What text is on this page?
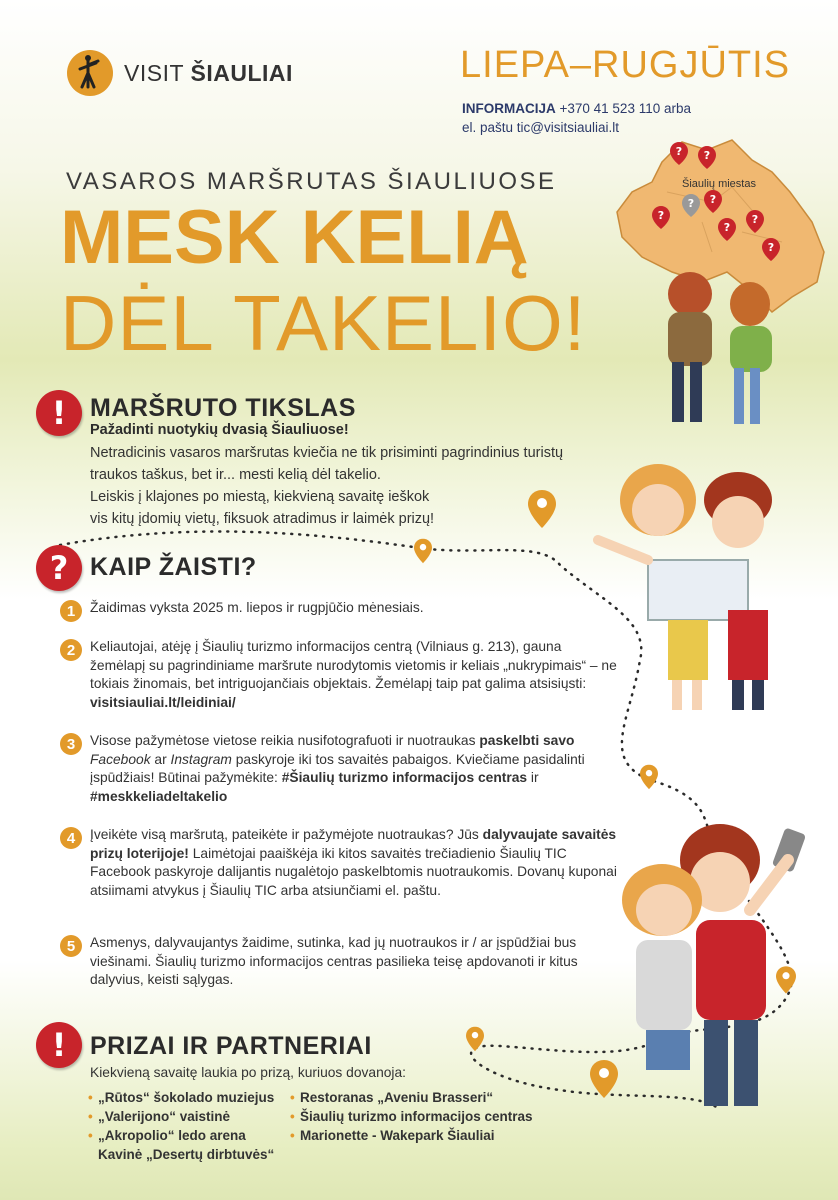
VISIT ŠIAULIAI	LIEPA–RUGJŪTIS
INFORMACIJA +370 41 523 110 arba
el. paštu tic@visitsiauliai.lt
VASAROS MARŠRUTAS ŠIAULIUOSE
MESK KELIĄ
DĖL TAKELIO!
? ?
? ?
?
?
?
?
Šiaulių miestas
! MARŠRUTO TIKSLAS
Pažadinti nuotykių dvasią Šiauliuose!
Netradicinis vasaros maršrutas kviečia ne tik prisiminti pagrindinius turistų
traukos taškus, bet ir... mesti kelią dėl takelio.
Leiskis į klajones po miestą, kiekvieną savaitę ieškok
vis kitų įdomių vietų, fiksuok atradimus ir laimėk prizų!
? KAIP ŽAISTI?
1	Žaidimas vyksta 2025 m. liepos ir rugpjūčio mėnesiais.
2	Keliautojai, atėję į Šiaulių turizmo informacijos centrą (Vilniaus g. 213), gauna žemėlapį su pagrindiniame maršrute nurodytomis vietomis ir keliais „nukrypimais“ – ne tokiais žinomais, bet intriguojančiais objektais. Žemėlapį taip pat galima atsisiųsti: visitsiauliai.lt/leidiniai/
3	Visose pažymėtose vietose reikia nusifotografuoti ir nuotraukas paskelbti savo Facebook ar Instagram paskyroje iki tos savaitės pabaigos. Kviečiame pasidalinti įspūdžiais! Būtinai pažymėkite: #Šiaulių turizmo informacijos centras ir #meskkeliadeltakelio
4	Įveikėte visą maršrutą, pateikėte ir pažymėjote nuotraukas? Jūs dalyvaujate savaitės prizų loterijoje! Laimėtojai paaiškėja iki kitos savaitės trečiadienio Šiaulių TIC Facebook paskyroje dalijantis nugalėtojo paskelbtomis nuotraukomis. Dovanų kuponai atsiimami atvykus į Šiaulių TIC arba atsiunčiami el. paštu.
5	Asmenys, dalyvaujantys žaidime, sutinka, kad jų nuotraukos ir / ar įspūdžiai bus viešinami. Šiaulių turizmo informacijos centras pasilieka teisę apdovanoti ir kitus dalyvius, keisti sąlygas.
! PRIZAI IR PARTNERIAI
Kiekvieną savaitę laukia po prizą, kuriuos dovanoja:
• „Rūtos“ šokolado muziejus
• „Valerijono“ vaistinė
• „Akropolio“ ledo arena
Kavinė „Desertų dirbtuvės“
• Restoranas „Aveniu Brasseri“
• Šiaulių turizmo informacijos centras
• Marionette - Wakepark Šiauliai
